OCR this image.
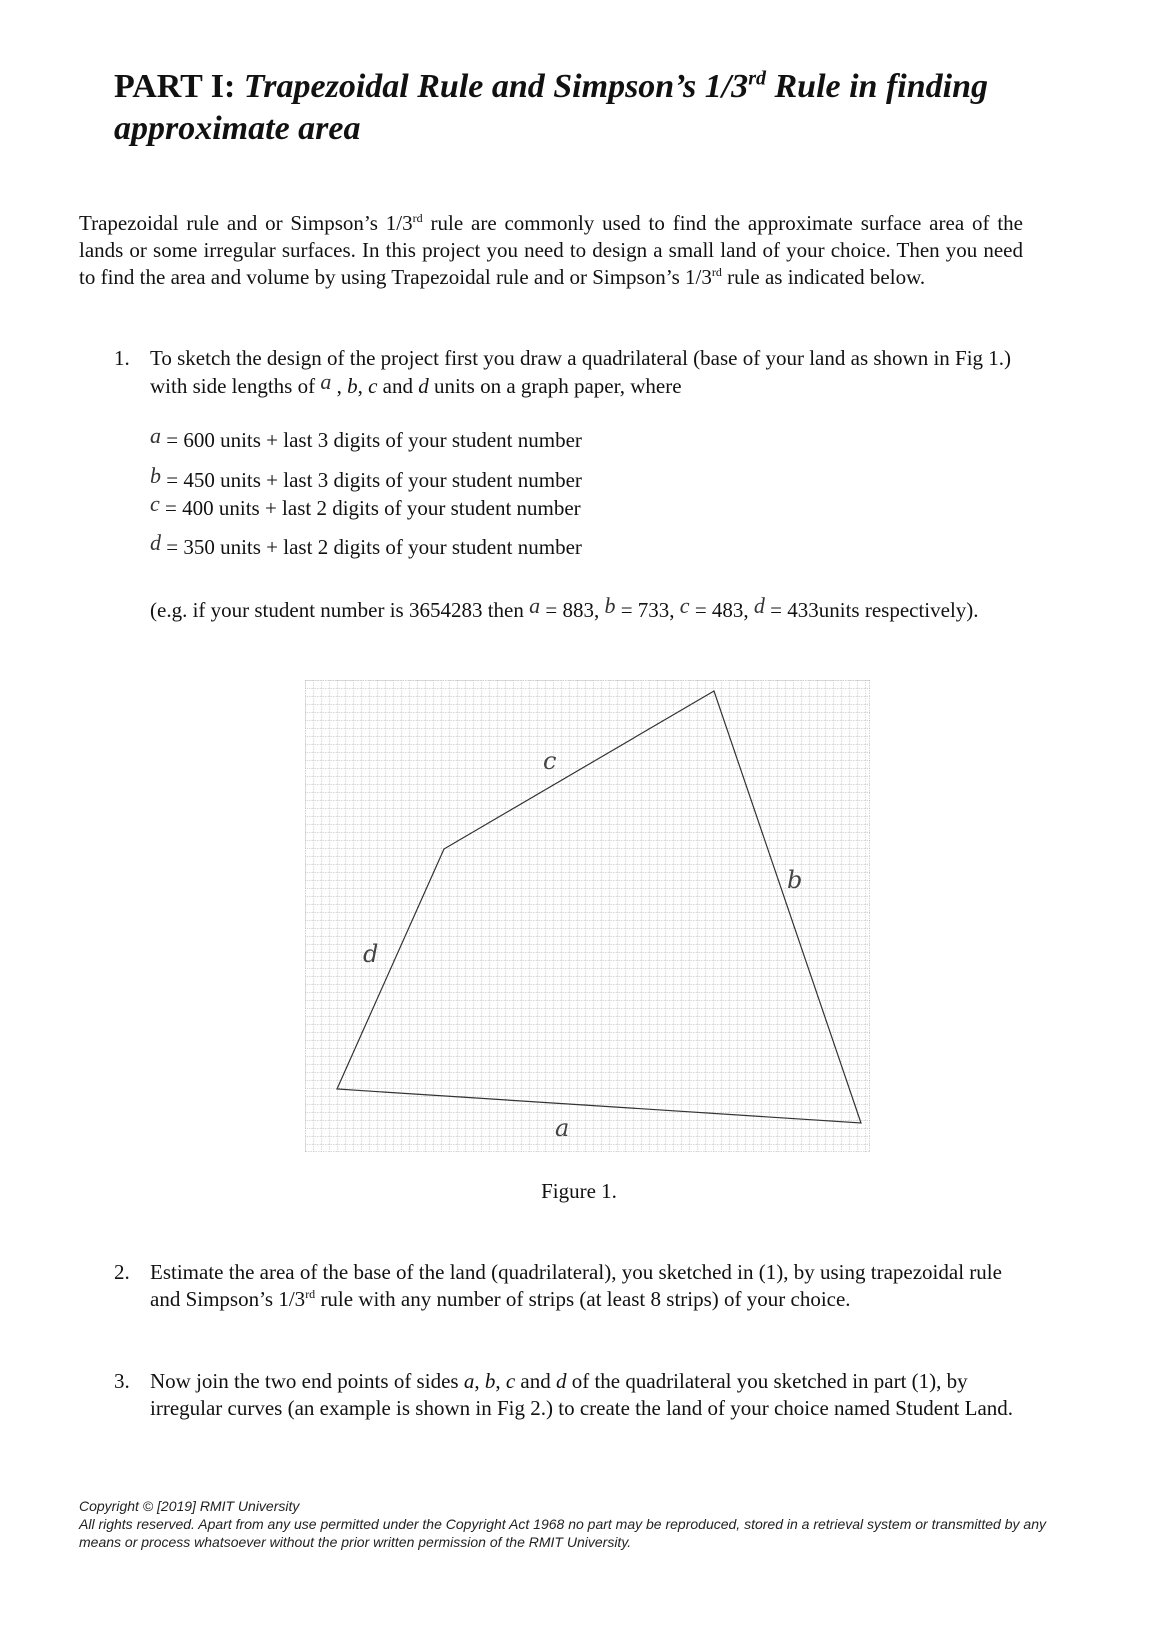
PART I: Trapezoidal Rule and Simpson’s 1/3rd Rule in finding approximate area

Trapezoidal rule and or Simpson’s 1/3rd rule are commonly used to find the approximate surface area of the lands or some irregular surfaces. In this project you need to design a small land of your choice. Then you need to find the area and volume by using Trapezoidal rule and or Simpson’s 1/3rd rule as indicated below.

1. To sketch the design of the project first you draw a quadrilateral (base of your land as shown in Fig 1.) with side lengths of a , b, c and d units on a graph paper, where

a = 600 units + last 3 digits of your student number

b = 450 units + last 3 digits of your student number

c = 400 units + last 2 digits of your student number

d = 350 units + last 2 digits of your student number

(e.g. if your student number is 3654283 then a = 883, b = 733, c = 483, d = 433units respectively).

a
b
c
d

Figure 1.

2. Estimate the area of the base of the land (quadrilateral), you sketched in (1), by using trapezoidal rule and Simpson’s 1/3rd rule with any number of strips (at least 8 strips) of your choice.
3. Now join the two end points of sides a, b, c and d of the quadrilateral you sketched in part (1), by irregular curves (an example is shown in Fig 2.) to create the land of your choice named Student Land.
Copyright © [2019] RMIT University
All rights reserved. Apart from any use permitted under the Copyright Act 1968 no part may be reproduced, stored in a retrieval system or transmitted by any means or process whatsoever without the prior written permission of the RMIT University.
